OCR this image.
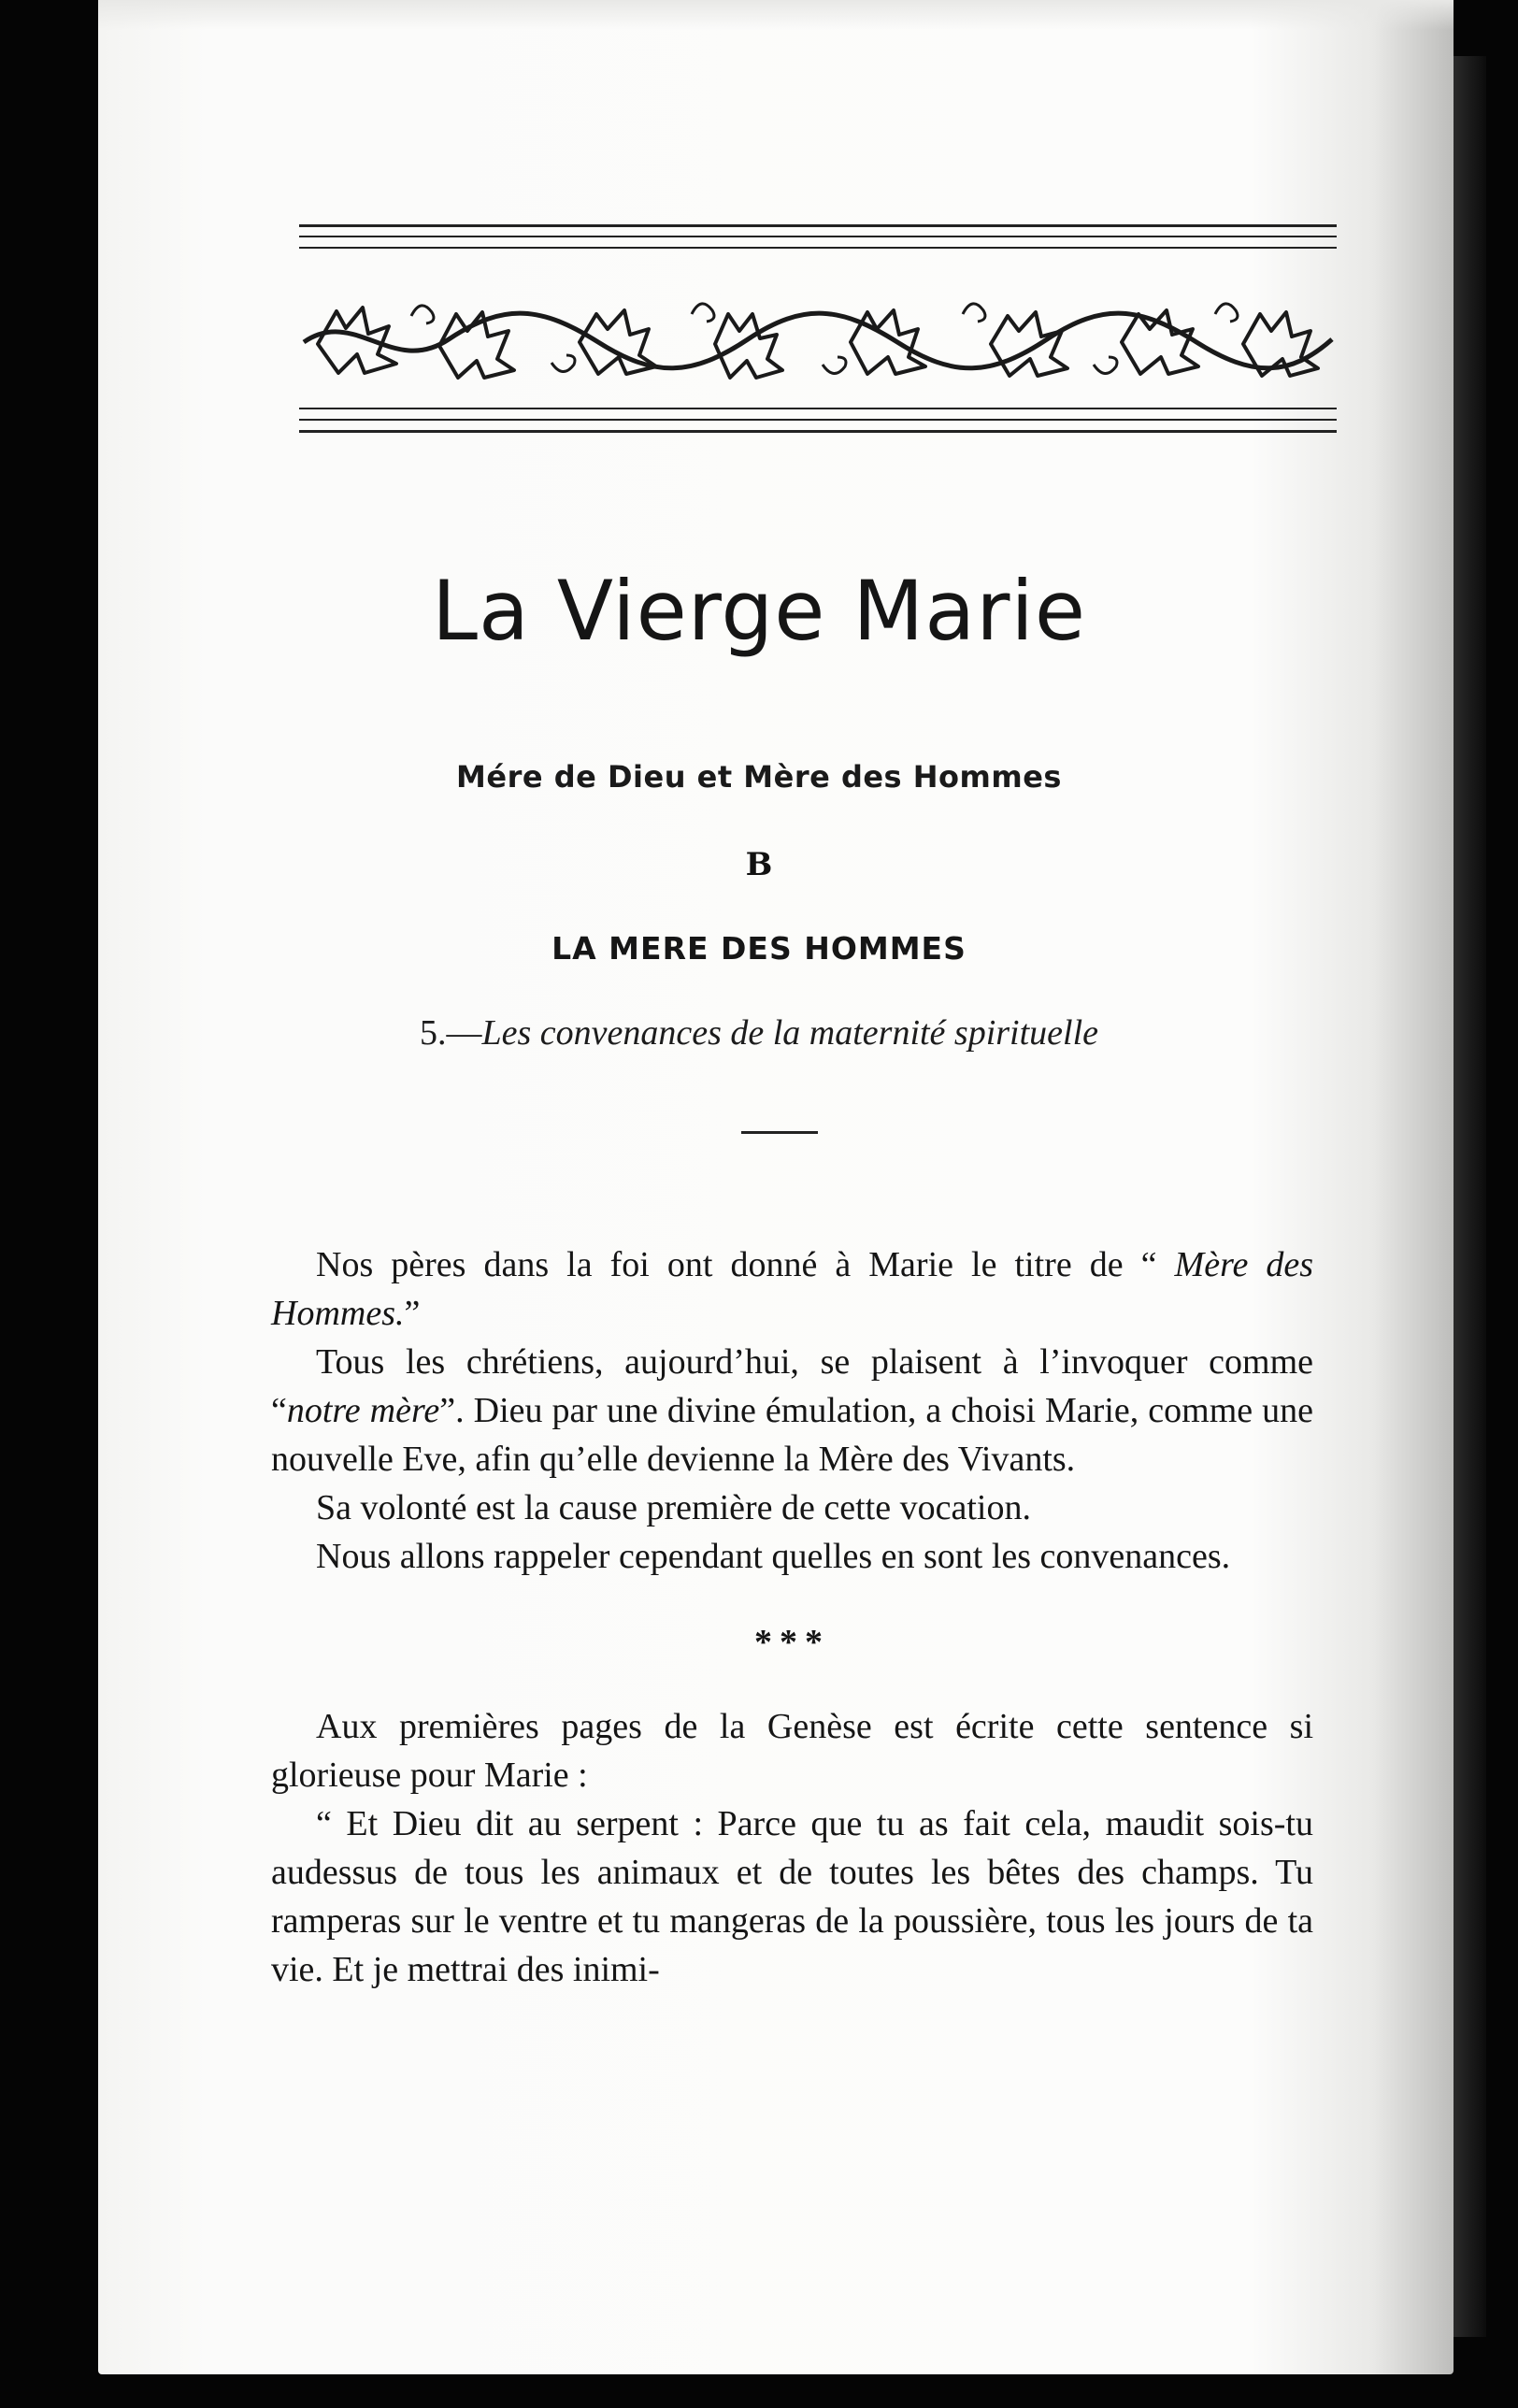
La Vierge Marie
Mére de Dieu et Mère des Hommes
B
LA MERE DES HOMMES
5.—Les convenances de la maternité spirituelle

Nos pères dans la foi ont donné à Marie le titre de “ Mère des Hommes.”

Tous les chrétiens, aujourd’hui, se plaisent à l’invoquer comme “notre mère”. Dieu par une divine émulation, a choisi Marie, comme une nouvelle Eve, afin qu’elle devienne la Mère des Vivants.

Sa volonté est la cause première de cette vocation.

Nous allons rappeler cependant quelles en sont les convenances.

***

Aux premières pages de la Genèse est écrite cette sentence si glorieuse pour Marie :

“ Et Dieu dit au serpent : Parce que tu as fait cela, maudit sois-tu audessus de tous les animaux et de toutes les bêtes des champs. Tu ramperas sur le ventre et tu mangeras de la poussière, tous les jours de ta vie. Et je mettrai des inimi-
